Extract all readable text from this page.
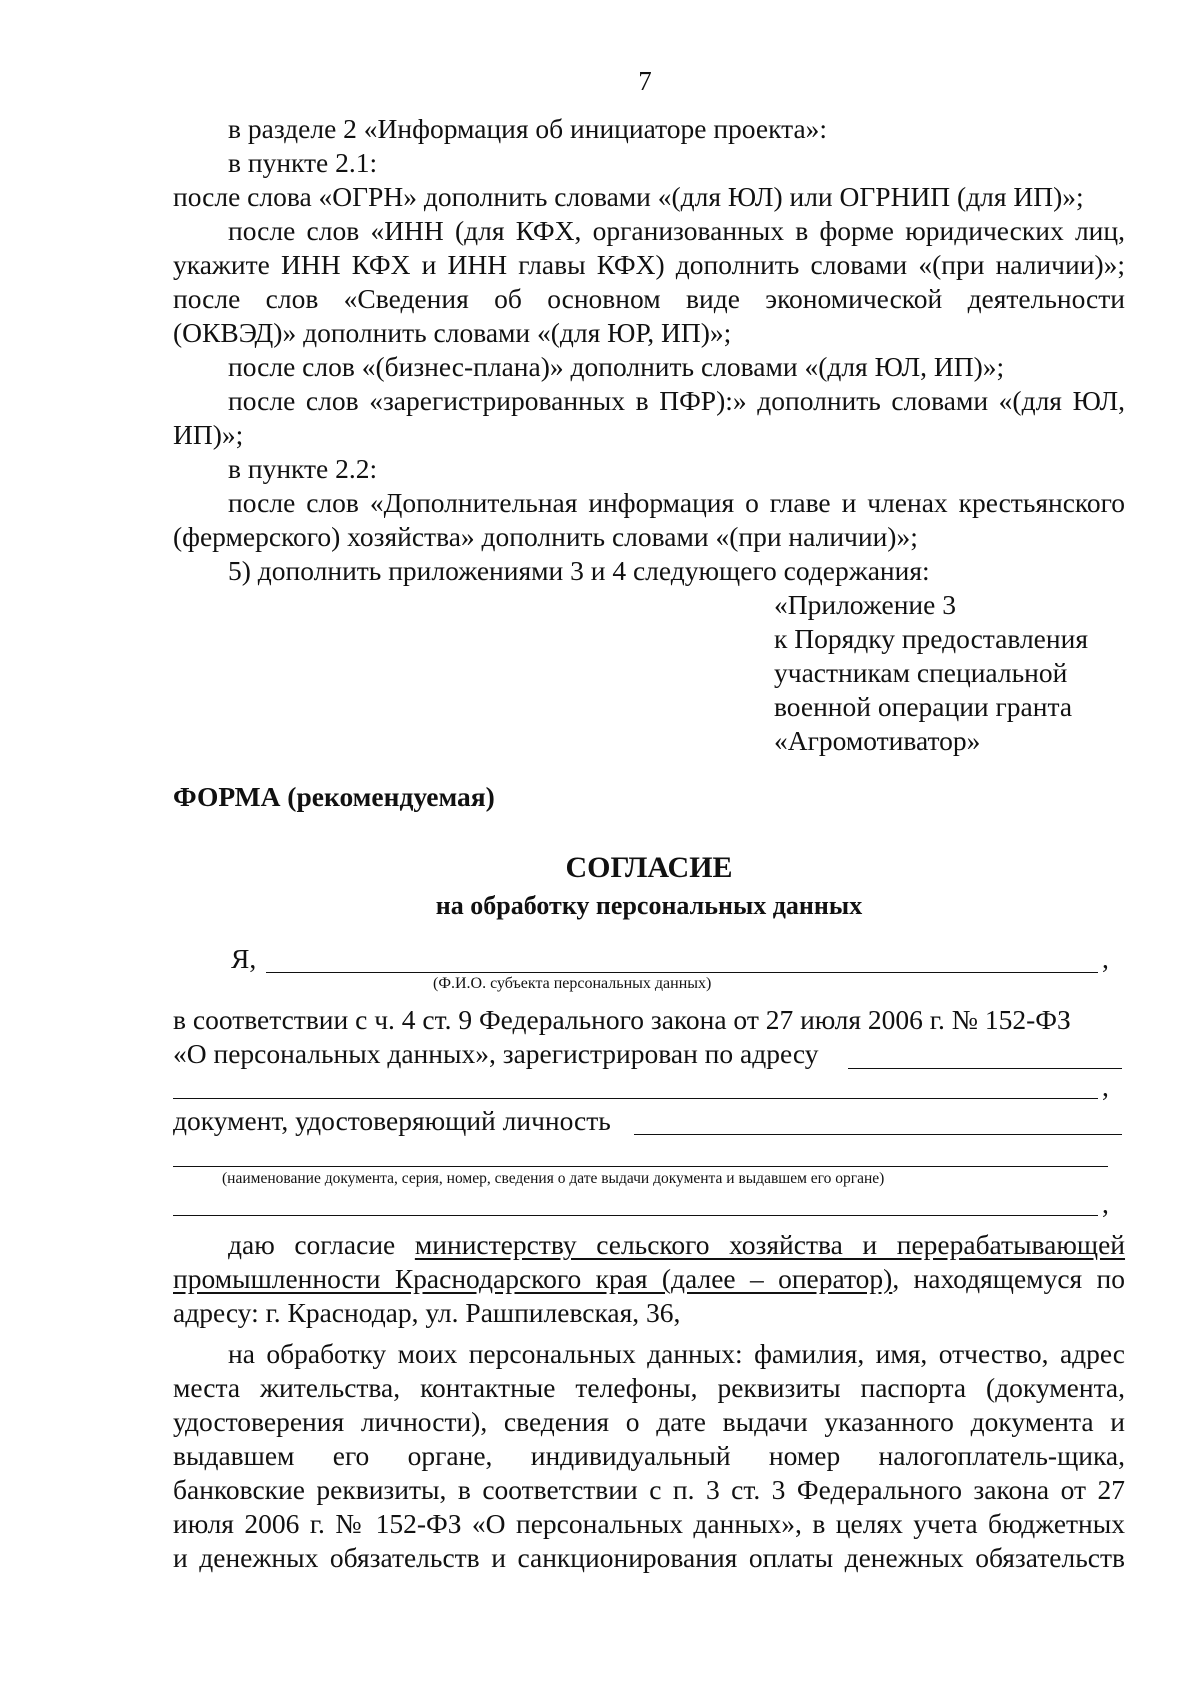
7
в разделе 2 «Информация об инициаторе проекта»:
в пункте 2.1:
после слова «ОГРН» дополнить словами «(для ЮЛ) или ОГРНИП (для ИП)»;
после слов «ИНН (для КФХ, организованных в форме юридических лиц,
укажите ИНН КФХ и ИНН главы КФХ) дополнить словами «(при наличии)»;
после слов «Сведения об основном виде экономической деятельности
(ОКВЭД)» дополнить словами «(для ЮР, ИП)»;
после слов «(бизнес-плана)» дополнить словами «(для ЮЛ, ИП)»;
после слов «зарегистрированных в ПФР):» дополнить словами «(для ЮЛ,
ИП)»;
в пункте 2.2:
после слов «Дополнительная информация о главе и членах крестьянского
(фермерского) хозяйства» дополнить словами «(при наличии)»;
5) дополнить приложениями 3 и 4 следующего содержания:
«Приложение 3
к Порядку предоставления
участникам специальной
военной операции гранта
«Агромотиватор»
ФОРМА (рекомендуемая)
СОГЛАСИЕ
на обработку персональных данных
Я,	,
(Ф.И.О. субъекта персональных данных)
в соответствии с ч. 4 ст. 9 Федерального закона от 27 июля 2006 г. № 152-ФЗ
«О персональных данных», зарегистрирован по адресу
,
документ, удостоверяющий личность
(наименование документа, серия, номер, сведения о дате выдачи документа и выдавшем его органе)
,
даю согласие министерству сельского хозяйства и перерабатывающей
промышленности Краснодарского края (далее – оператор), находящемуся по
адресу: г. Краснодар, ул. Рашпилевская, 36,
на обработку моих персональных данных: фамилия, имя, отчество, адрес
места жительства, контактные телефоны, реквизиты паспорта (документа,
удостоверения личности), сведения о дате выдачи указанного документа и
выдавшем его органе, индивидуальный номер налогоплатель-щика,
банковские реквизиты, в соответствии с п. 3 ст. 3 Федерального закона от 27
июля 2006 г. № 152-ФЗ «О персональных данных», в целях учета бюджетных
и денежных обязательств и санкционирования оплаты денежных обязательств
